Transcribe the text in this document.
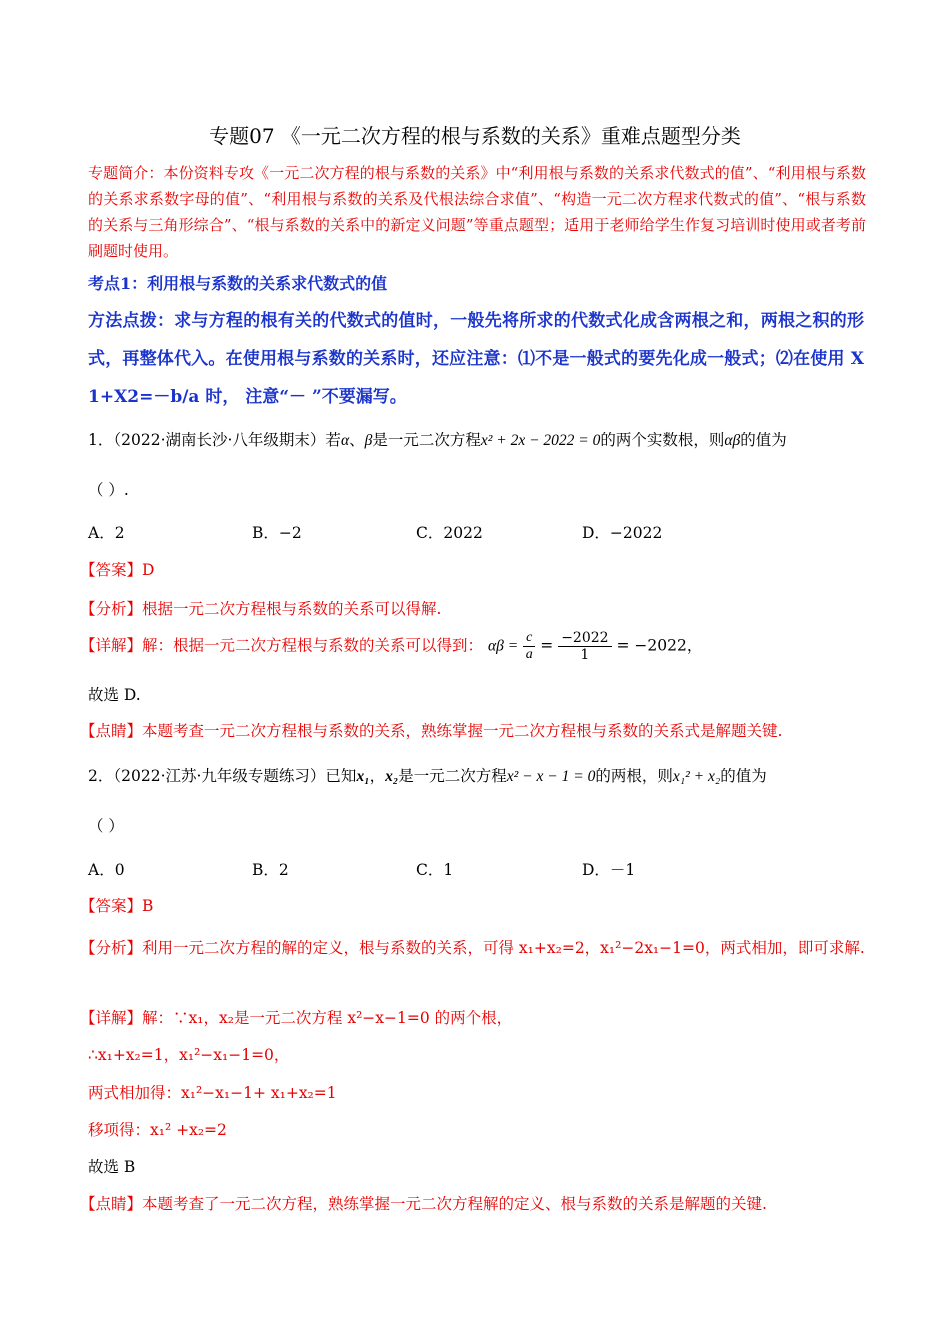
专题07 《一元二次方程的根与系数的关系》重难点题型分类
专题简介：本份资料专攻《一元二次方程的根与系数的关系》中“利用根与系数的关系求代数式的值”、“利用根与系数的关系求系数字母的值”、“利用根与系数的关系及代根法综合求值”、“构造一元二次方程求代数式的值”、“根与系数的关系与三角形综合”、“根与系数的关系中的新定义问题”等重点题型；适用于老师给学生作复习培训时使用或者考前刷题时使用。
考点1：利用根与系数的关系求代数式的值
方法点拨：求与方程的根有关的代数式的值时，一般先将所求的代数式化成含两根之和，两根之积的形式，再整体代入。在使用根与系数的关系时，还应注意：⑴不是一般式的要先化成一般式；⑵在使用 X1+X2=－b/a 时， 注意“－ ”不要漏写。
1．（2022·湖南长沙·八年级期末）若α、β是一元二次方程x² + 2x − 2022 = 0的两个实数根，则αβ的值为
（ ）.
A．2	B．−2	C．2022	D．−2022
【答案】D
【分析】根据一元二次方程根与系数的关系可以得解.
【详解】解：根据一元二次方程根与系数的关系可以得到： $\alpha\beta = \frac{c}{a} = \frac{-2022}{1} = -2022$，
故选 D.
【点睛】本题考查一元二次方程根与系数的关系，熟练掌握一元二次方程根与系数的关系式是解题关键.
2．（2022·江苏·九年级专题练习）已知x₁，x₂是一元二次方程x² − x − 1 = 0的两根，则x₁² + x₂的值为
（ ）
A．0	B．2	C．1	D．－1
【答案】B
【分析】利用一元二次方程的解的定义，根与系数的关系，可得 x₁+x₂=2，x₁²−2x₁−1=0，两式相加，即可求解.
【详解】解：∵x₁，x₂是一元二次方程 x²−x−1=0 的两个根，
∴x₁+x₂=1，x₁²−x₁−1=0，
两式相加得：x₁²−x₁−1+ x₁+x₂=1
移项得：x₁² +x₂=2
故选 B
【点睛】本题考查了一元二次方程，熟练掌握一元二次方程解的定义、根与系数的关系是解题的关键.
